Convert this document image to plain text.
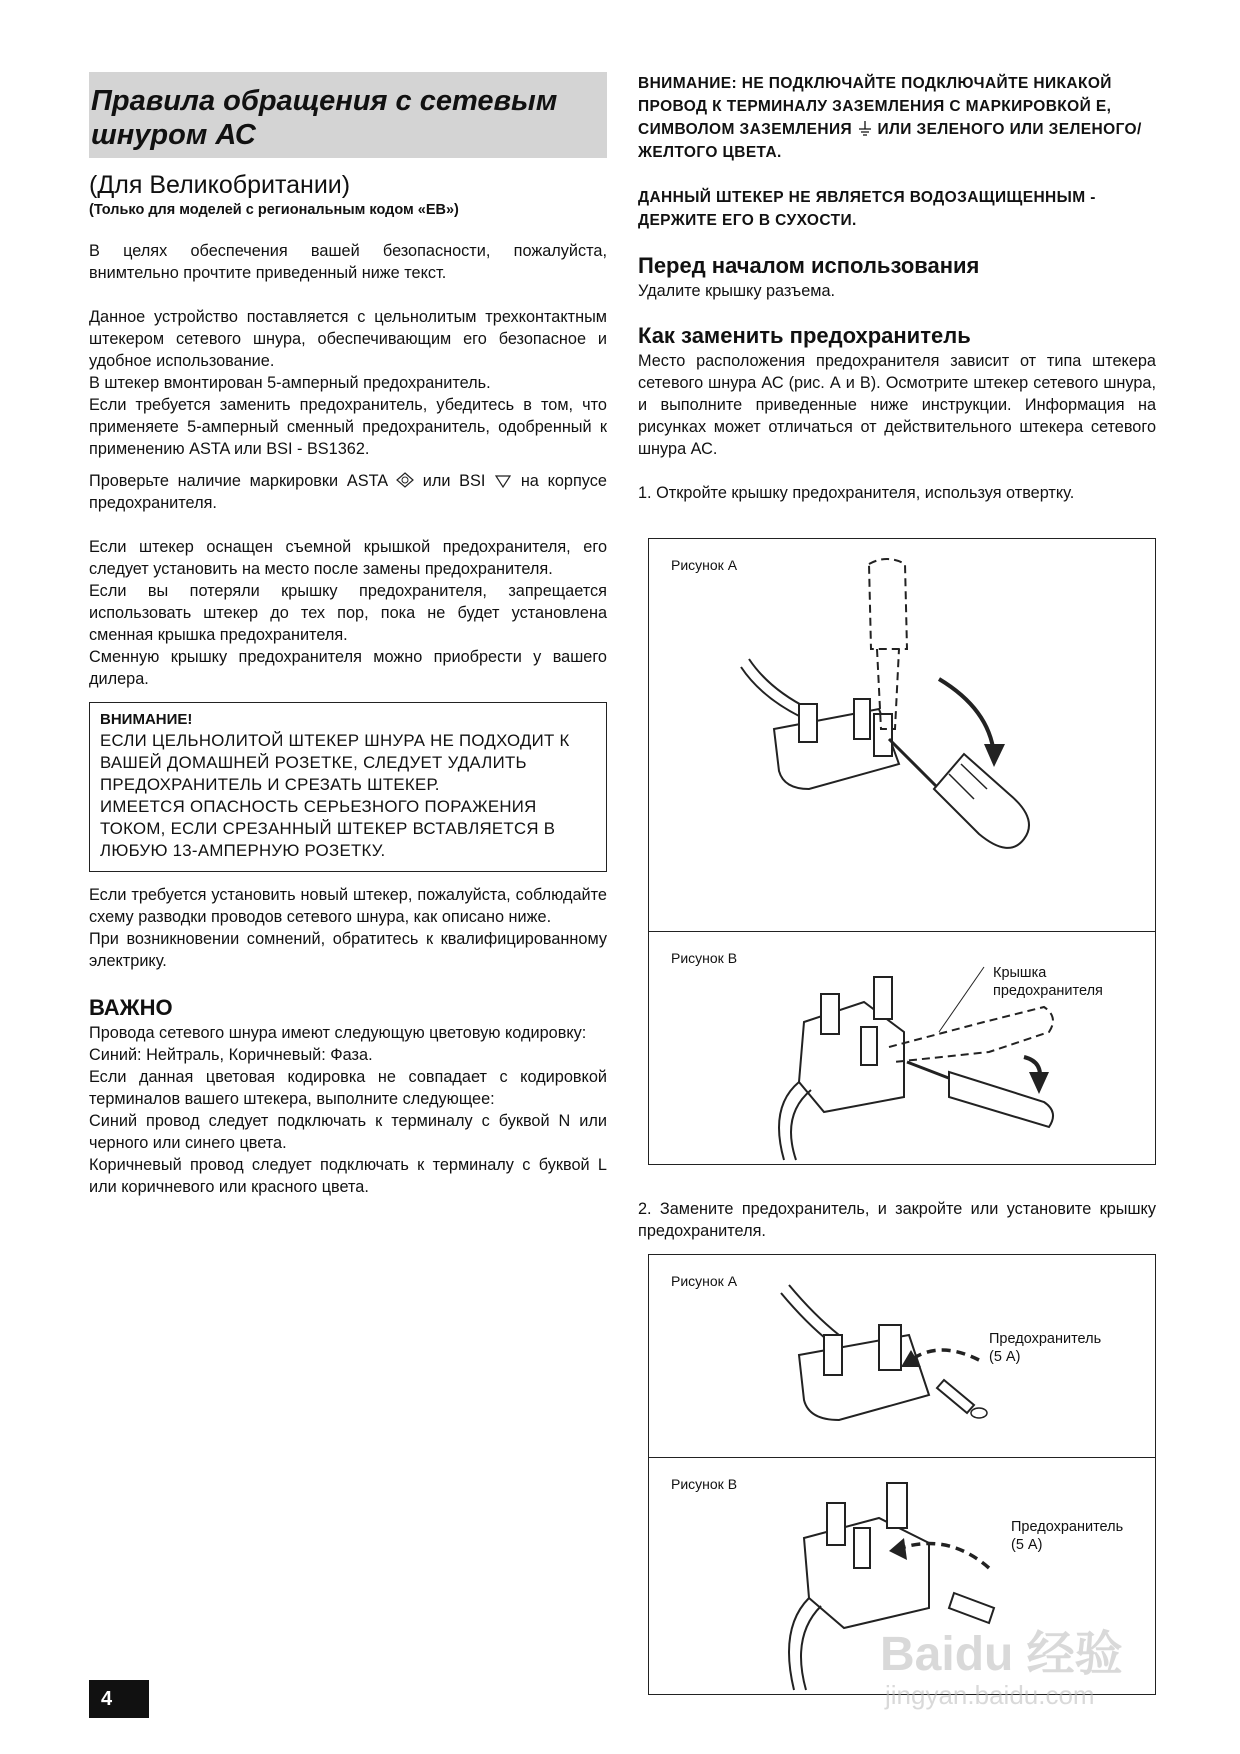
Правила обращения с сетевым шнуром АС
(Для Великобритании)
(Только для моделей с региональным кодом «EB»)

В целях обеспечения вашей безопасности, пожалуйста, внимтельно прочтите приведенный ниже текст.

Данное устройство поставляется с цельнолитым трехконтактным штекером сетевого шнура, обеспечивающим его безопасное и удобное использование.

В штекер вмонтирован 5-амперный предохранитель.

Если требуется заменить предохранитель, убедитесь в том, что применяете 5-амперный сменный предохранитель, одобренный к применению ASTA или BSI - BS1362.

Проверьте наличие маркировки ASTA или BSI на корпусе предохранителя.

Если штекер оснащен съемной крышкой предохранителя, его следует установить на место после замены предохранителя.

Если вы потеряли крышку предохранителя, запрещается использовать штекер до тех пор, пока не будет установлена сменная крышка предохранителя.

Сменную крышку предохранителя можно приобрести у вашего дилера.

ВНИМАНИЕ!
ЕСЛИ ЦЕЛЬНОЛИТОЙ ШТЕКЕР ШНУРА НЕ ПОДХОДИТ К ВАШЕЙ ДОМАШНЕЙ РОЗЕТКЕ, СЛЕДУЕТ УДАЛИТЬ ПРЕДОХРАНИТЕЛЬ И СРЕЗАТЬ ШТЕКЕР.
ИМЕЕТСЯ ОПАСНОСТЬ СЕРЬЕЗНОГО ПОРАЖЕНИЯ ТОКОМ, ЕСЛИ СРЕЗАННЫЙ ШТЕКЕР ВСТАВЛЯЕТСЯ В ЛЮБУЮ 13-АМПЕРНУЮ РОЗЕТКУ.

Если требуется установить новый штекер, пожалуйста, соблюдайте схему разводки проводов сетевого шнура, как описано ниже.

При возникновении сомнений, обратитесь к квалифицированному электрику.

ВАЖНО

Провода сетевого шнура имеют следующую цветовую кодировку:

Синий: Нейтраль, Коричневый: Фаза.

Если данная цветовая кодировка не совпадает с кодировкой терминалов вашего штекера, выполните следующее:

Синий провод следует подключать к терминалу с буквой N или черного или синего цвета.

Коричневый провод следует подключать к терминалу с буквой L или коричневого или красного цвета.

ВНИМАНИЕ: НЕ ПОДКЛЮЧАЙТЕ ПОДКЛЮЧАЙТЕ НИКАКОЙ ПРОВОД К ТЕРМИНАЛУ ЗАЗЕМЛЕНИЯ С МАРКИРОВКОЙ Е, СИМВОЛОМ ЗАЗЕМЛЕНИЯ ИЛИ ЗЕЛЕНОГО ИЛИ ЗЕЛЕНОГО/ЖЕЛТОГО ЦВЕТА.
ДАННЫЙ ШТЕКЕР НЕ ЯВЛЯЕТСЯ ВОДОЗАЩИЩЕННЫМ - ДЕРЖИТЕ ЕГО В СУХОСТИ.
Перед началом использования

Удалите крышку разъема.

Как заменить предохранитель

Место расположения предохранителя зависит от типа штекера сетевого шнура АС (рис. А и В). Осмотрите штекер сетевого шнура, и выполните приведенные ниже инструкции. Информация на рисунках может отличаться от действительного штекера сетевого шнура АС.

1. Откройте крышку предохранителя, используя отвертку.

Рисунок А
Рисунок В
Крышка предохранителя

2. Замените предохранитель, и закройте или установите крышку предохранителя.

Рисунок А
Предохранитель
(5 А)
Рисунок В
Предохранитель
(5 А)
Baidu 经验
jingyan.baidu.com
4
